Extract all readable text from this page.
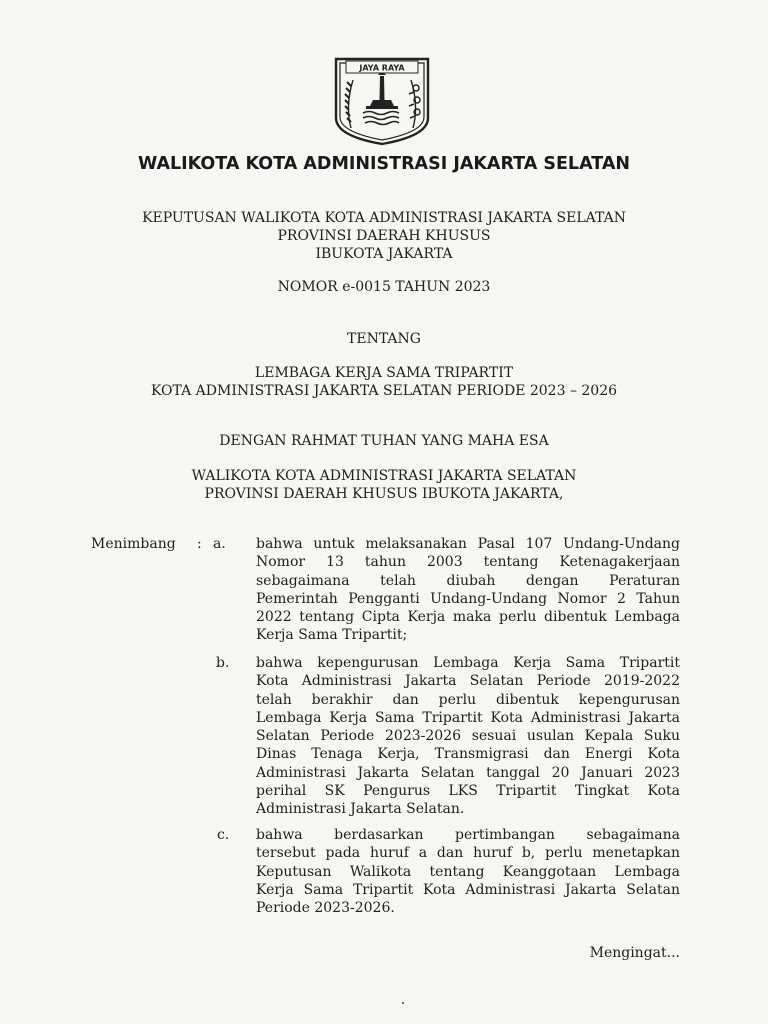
JAYA RAYA
WALIKOTA KOTA ADMINISTRASI JAKARTA SELATAN
KEPUTUSAN WALIKOTA KOTA ADMINISTRASI JAKARTA SELATAN
PROVINSI DAERAH KHUSUS
IBUKOTA JAKARTA
NOMOR e-0015 TAHUN 2023
TENTANG
LEMBAGA KERJA SAMA TRIPARTIT
KOTA ADMINISTRASI JAKARTA SELATAN PERIODE 2023 – 2026
DENGAN RAHMAT TUHAN YANG MAHA ESA
WALIKOTA KOTA ADMINISTRASI JAKARTA SELATAN
PROVINSI DAERAH KHUSUS IBUKOTA JAKARTA,
Menimbang : a. bahwa untuk melaksanakan Pasal 107 Undang-Undang
Nomor 13 tahun 2003 tentang Ketenagakerjaan
sebagaimana telah diubah dengan Peraturan
Pemerintah Pengganti Undang-Undang Nomor 2 Tahun
2022 tentang Cipta Kerja maka perlu dibentuk Lembaga
Kerja Sama Tripartit;
b. bahwa kepengurusan Lembaga Kerja Sama Tripartit
Kota Administrasi Jakarta Selatan Periode 2019-2022
telah berakhir dan perlu dibentuk kepengurusan
Lembaga Kerja Sama Tripartit Kota Administrasi Jakarta
Selatan Periode 2023-2026 sesuai usulan Kepala Suku
Dinas Tenaga Kerja, Transmigrasi dan Energi Kota
Administrasi Jakarta Selatan tanggal 20 Januari 2023
perihal SK Pengurus LKS Tripartit Tingkat Kota
Administrasi Jakarta Selatan.
c. bahwa berdasarkan pertimbangan sebagaimana
tersebut pada huruf a dan huruf b, perlu menetapkan
Keputusan Walikota tentang Keanggotaan Lembaga
Kerja Sama Tripartit Kota Administrasi Jakarta Selatan
Periode 2023-2026.
Mengingat...
